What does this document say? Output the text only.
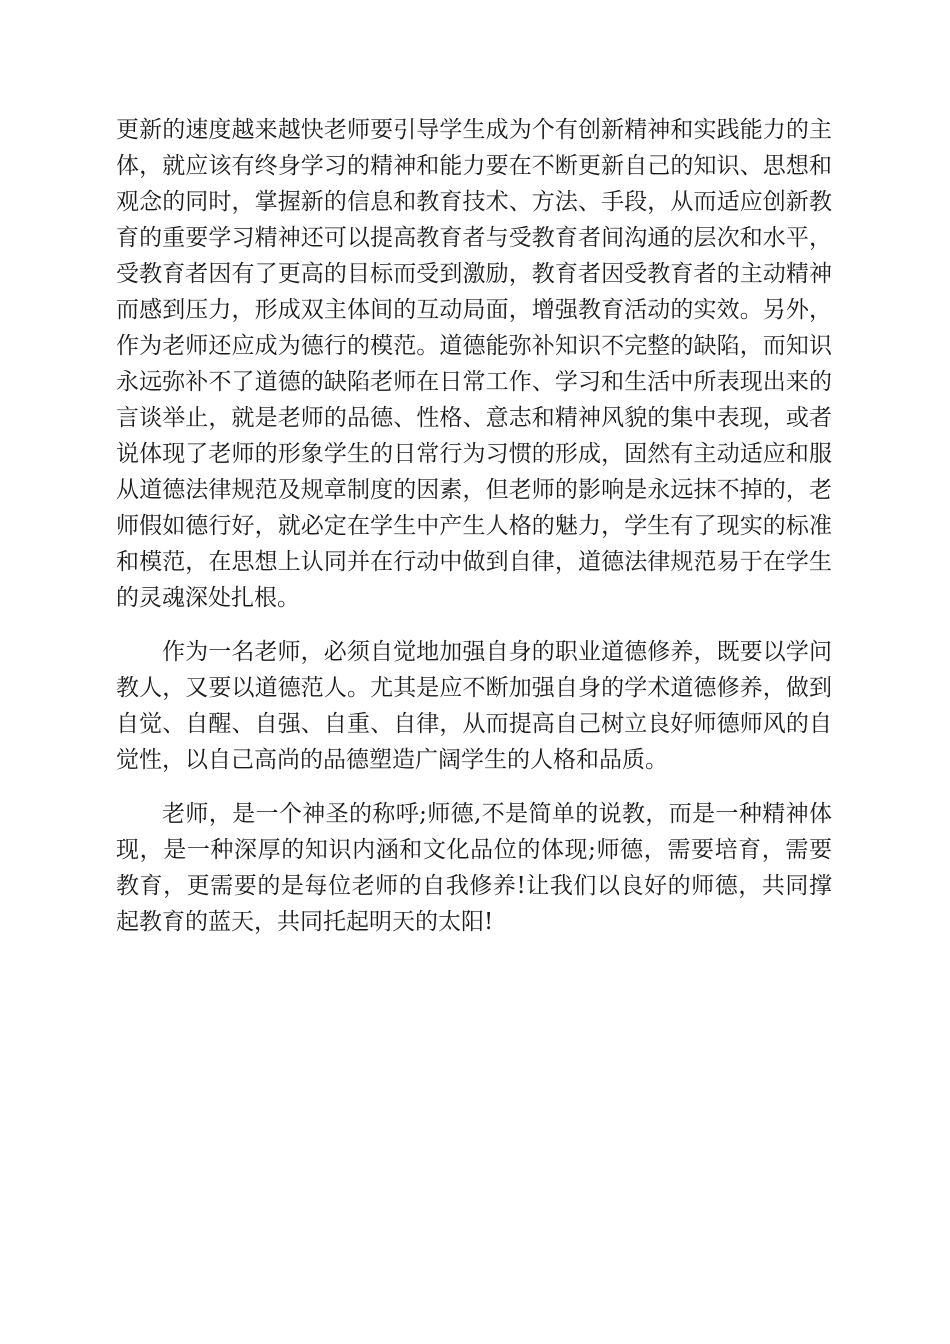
更新的速度越来越快老师要引导学生成为个有创新精神和实践能力的主体，就应该有终身学习的精神和能力要在不断更新自己的知识、思想和观念的同时，掌握新的信息和教育技术、方法、手段，从而适应创新教育的重要学习精神还可以提高教育者与受教育者间沟通的层次和水平，受教育者因有了更高的目标而受到激励，教育者因受教育者的主动精神而感到压力，形成双主体间的互动局面，增强教育活动的实效。另外，作为老师还应成为德行的模范。道德能弥补知识不完整的缺陷，而知识永远弥补不了道德的缺陷老师在日常工作、学习和生活中所表现出来的言谈举止，就是老师的品德、性格、意志和精神风貌的集中表现，或者说体现了老师的形象学生的日常行为习惯的形成，固然有主动适应和服从道德法律规范及规章制度的因素，但老师的影响是永远抹不掉的，老师假如德行好，就必定在学生中产生人格的魅力，学生有了现实的标准和模范，在思想上认同并在行动中做到自律，道德法律规范易于在学生的灵魂深处扎根。

作为一名老师，必须自觉地加强自身的职业道德修养，既要以学问教人，又要以道德范人。尤其是应不断加强自身的学术道德修养，做到自觉、自醒、自强、自重、自律，从而提高自己树立良好师德师风的自觉性，以自己高尚的品德塑造广阔学生的人格和品质。

老师，是一个神圣的称呼;师德,不是简单的说教，而是一种精神体现，是一种深厚的知识内涵和文化品位的体现;师德，需要培育，需要教育，更需要的是每位老师的自我修养!让我们以良好的师德，共同撑起教育的蓝天，共同托起明天的太阳!
